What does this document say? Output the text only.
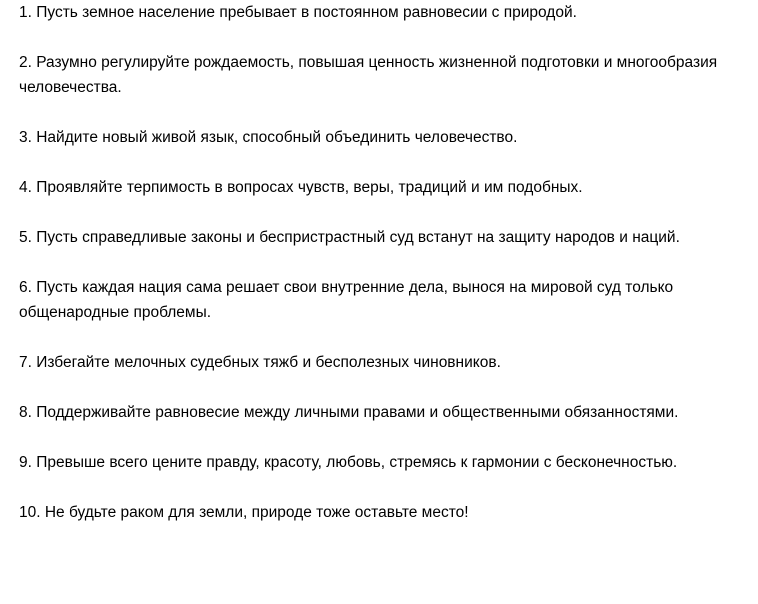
1. Пусть земное население пребывает в постоянном равновесии с природой.

2. Разумно регулируйте рождаемость, повышая ценность жизненной подготовки и многообразия человечества.

3. Найдите новый живой язык, способный объединить человечество.

4. Проявляйте терпимость в вопросах чувств, веры, традиций и им подобных.

5. Пусть справедливые законы и беспристрастный суд встанут на защиту народов и наций.

6. Пусть каждая нация сама решает свои внутренние дела, вынося на мировой суд только общенародные проблемы.

7. Избегайте мелочных судебных тяжб и бесполезных чиновников.

8. Поддерживайте равновесие между личными правами и общественными обязанностями.

9. Превыше всего цените правду, красоту, любовь, стремясь к гармонии с бесконечностью.

10. Не будьте раком для земли, природе тоже оставьте место!
